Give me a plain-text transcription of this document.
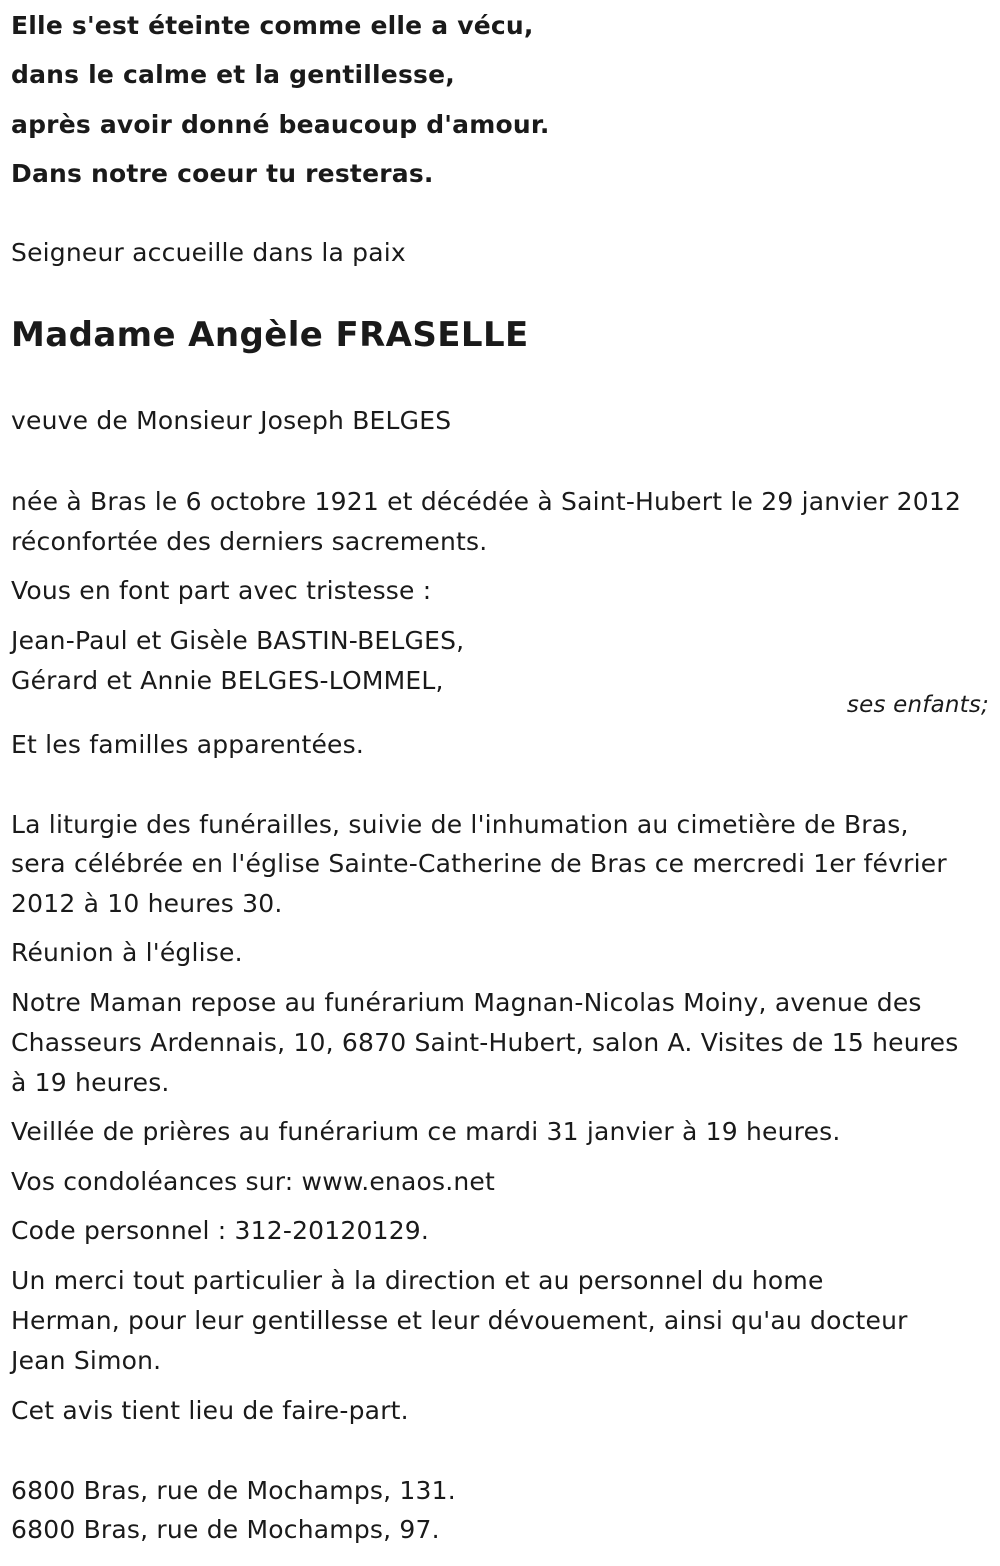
Elle s'est éteinte comme elle a vécu,
dans le calme et la gentillesse,
après avoir donné beaucoup d'amour.
Dans notre coeur tu resteras.
Seigneur accueille dans la paix
Madame Angèle FRASELLE
veuve de Monsieur Joseph BELGES
née à Bras le 6 octobre 1921 et décédée à Saint-Hubert le 29 janvier 2012
réconfortée des derniers sacrements.
Vous en font part avec tristesse :
Jean-Paul et Gisèle BASTIN-BELGES,
Gérard et Annie BELGES-LOMMEL,
ses enfants;
Et les familles apparentées.
La liturgie des funérailles, suivie de l'inhumation au cimetière de Bras,
sera célébrée en l'église Sainte-Catherine de Bras ce mercredi 1er février
2012 à 10 heures 30.
Réunion à l'église.
Notre Maman repose au funérarium Magnan-Nicolas Moiny, avenue des
Chasseurs Ardennais, 10, 6870 Saint-Hubert, salon A. Visites de 15 heures
à 19 heures.
Veillée de prières au funérarium ce mardi 31 janvier à 19 heures.
Vos condoléances sur: www.enaos.net
Code personnel : 312-20120129.
Un merci tout particulier à la direction et au personnel du home
Herman, pour leur gentillesse et leur dévouement, ainsi qu'au docteur
Jean Simon.
Cet avis tient lieu de faire-part.
6800 Bras, rue de Mochamps, 131.
6800 Bras, rue de Mochamps, 97.
